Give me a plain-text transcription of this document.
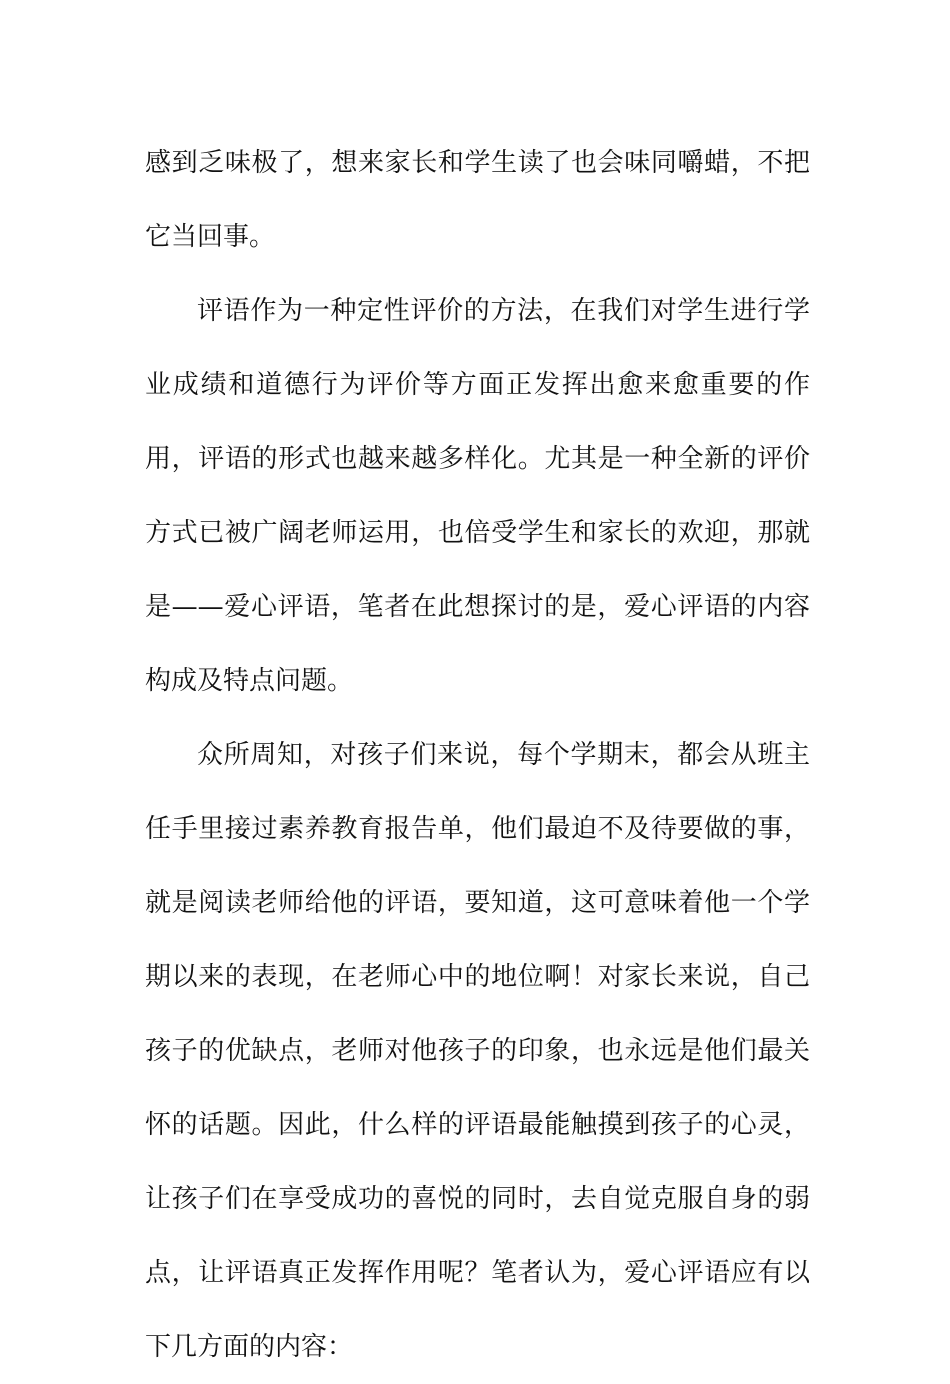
感到乏味极了，想来家长和学生读了也会味同嚼蜡，不把它当回事。

评语作为一种定性评价的方法，在我们对学生进行学业成绩和道德行为评价等方面正发挥出愈来愈重要的作用，评语的形式也越来越多样化。尤其是一种全新的评价方式已被广阔老师运用，也倍受学生和家长的欢迎，那就是——爱心评语，笔者在此想探讨的是，爱心评语的内容构成及特点问题。

众所周知，对孩子们来说，每个学期末，都会从班主任手里接过素养教育报告单，他们最迫不及待要做的事，就是阅读老师给他的评语，要知道，这可意味着他一个学期以来的表现，在老师心中的地位啊！对家长来说，自己孩子的优缺点，老师对他孩子的印象，也永远是他们最关怀的话题。因此，什么样的评语最能触摸到孩子的心灵，让孩子们在享受成功的喜悦的同时，去自觉克服自身的弱点，让评语真正发挥作用呢？笔者认为，爱心评语应有以下几方面的内容：
